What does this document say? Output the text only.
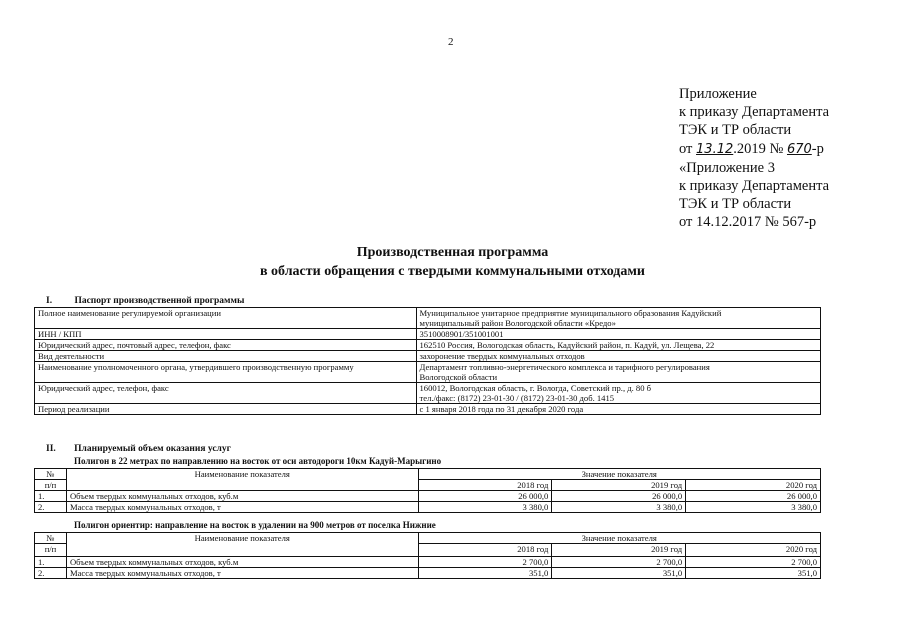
2
Приложение
к приказу Департамента
ТЭК и ТР области
от 13.12.2019 № 670-р
«Приложение 3
к приказу Департамента
ТЭК и ТР области
от 14.12.2017 № 567-р
Производственная программа
в области обращения с твердыми коммунальными отходами
I. Паспорт производственной программы
Полное наименование регулируемой организации	Муниципальное унитарное предприятие муниципального образования Кадуйский
муниципальный район Вологодской области «Кредо»

ИНН / КПП	3510008901/351001001
Юридический адрес, почтовый адрес, телефон, факс	162510 Россия, Вологодская область, Кадуйский район, п. Кадуй, ул. Лещева, 22
Вид деятельности	захоронение твердых коммунальных отходов
Наименование уполномоченного органа, утвердившего производственную программу	Департамент топливно-энергетического комплекса и тарифного регулирования
Вологодской области

Юридический адрес, телефон, факс	160012, Вологодская область, г. Вологда, Советский пр., д. 80 б
тел./факс: (8172) 23-01-30 / (8172) 23-01-30 доб. 1415

Период реализации	с 1 января 2018 года по 31 декабря 2020 года
II. Планируемый объем оказания услуг
Полигон в 22 метрах по направлению на восток от оси автодороги 10км Кадуй-Марыгино
№	Наименование показателя	Значение показателя		
п/п		2018 год	2019 год	2020 год
1.	Объем твердых коммунальных отходов, куб.м	26 000,0	26 000,0	26 000,0
2.	Масса твердых коммунальных отходов, т	3 380,0	3 380,0	3 380,0
Полигон ориентир: направление на восток в удалении на 900 метров от поселка Нижние
№	Наименование показателя	Значение показателя		
п/п		2018 год	2019 год	2020 год
1.	Объем твердых коммунальных отходов, куб.м	2 700,0	2 700,0	2 700,0
2.	Масса твердых коммунальных отходов, т	351,0	351,0	351,0
